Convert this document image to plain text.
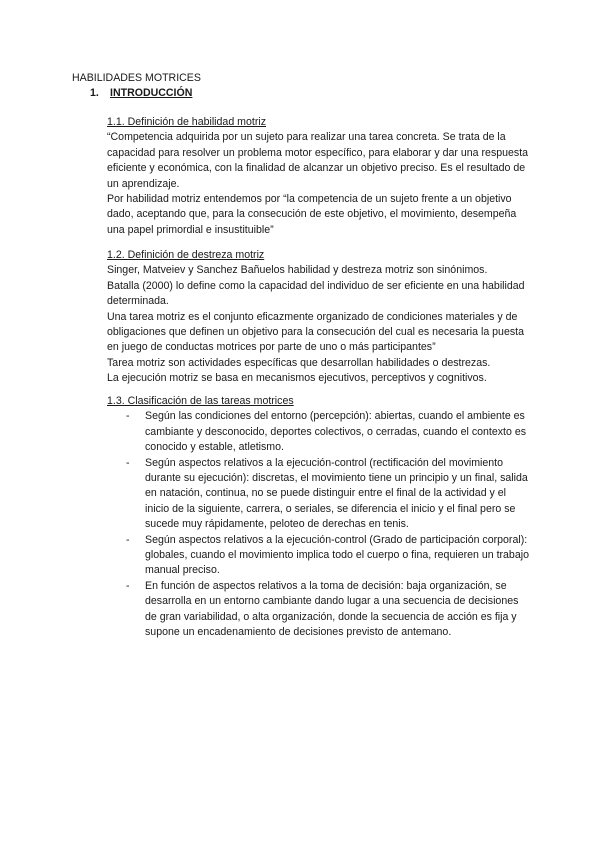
HABILIDADES MOTRICES
1. INTRODUCCIÓN

1.1. Definición de habilidad motriz

“Competencia adquirida por un sujeto para realizar una tarea concreta. Se trata de la capacidad para resolver un problema motor específico, para elaborar y dar una respuesta eficiente y económica, con la finalidad de alcanzar un objetivo preciso. Es el resultado de un aprendizaje.

Por habilidad motriz entendemos por “la competencia de un sujeto frente a un objetivo dado, aceptando que, para la consecución de este objetivo, el movimiento, desempeña una papel primordial e insustituible”

1.2. Definición de destreza motriz

Singer, Matveiev y Sanchez Bañuelos habilidad y destreza motriz son sinónimos.

Batalla (2000) lo define como la capacidad del individuo de ser eficiente en una habilidad determinada.

Una tarea motriz es el conjunto eficazmente organizado de condiciones materiales y de obligaciones que definen un objetivo para la consecución del cual es necesaria la puesta en juego de conductas motrices por parte de uno o más participantes”

Tarea motriz son actividades específicas que desarrollan habilidades o destrezas.

La ejecución motriz se basa en mecanismos ejecutivos, perceptivos y cognitivos.

1.3. Clasificación de las tareas motrices

- Según las condiciones del entorno (percepción): abiertas, cuando el ambiente es cambiante y desconocido, deportes colectivos, o cerradas, cuando el contexto es conocido y estable, atletismo.
- Según aspectos relativos a la ejecución-control (rectificación del movimiento durante su ejecución): discretas, el movimiento tiene un principio y un final, salida en natación, continua, no se puede distinguir entre el final de la actividad y el inicio de la siguiente, carrera, o seriales, se diferencia el inicio y el final pero se sucede muy rápidamente, peloteo de derechas en tenis.
- Según aspectos relativos a la ejecución-control (Grado de participación corporal): globales, cuando el movimiento implica todo el cuerpo o fina, requieren un trabajo manual preciso.
- En función de aspectos relativos a la toma de decisión: baja organización, se desarrolla en un entorno cambiante dando lugar a una secuencia de decisiones de gran variabilidad, o alta organización, donde la secuencia de acción es fija y supone un encadenamiento de decisiones previsto de antemano.
